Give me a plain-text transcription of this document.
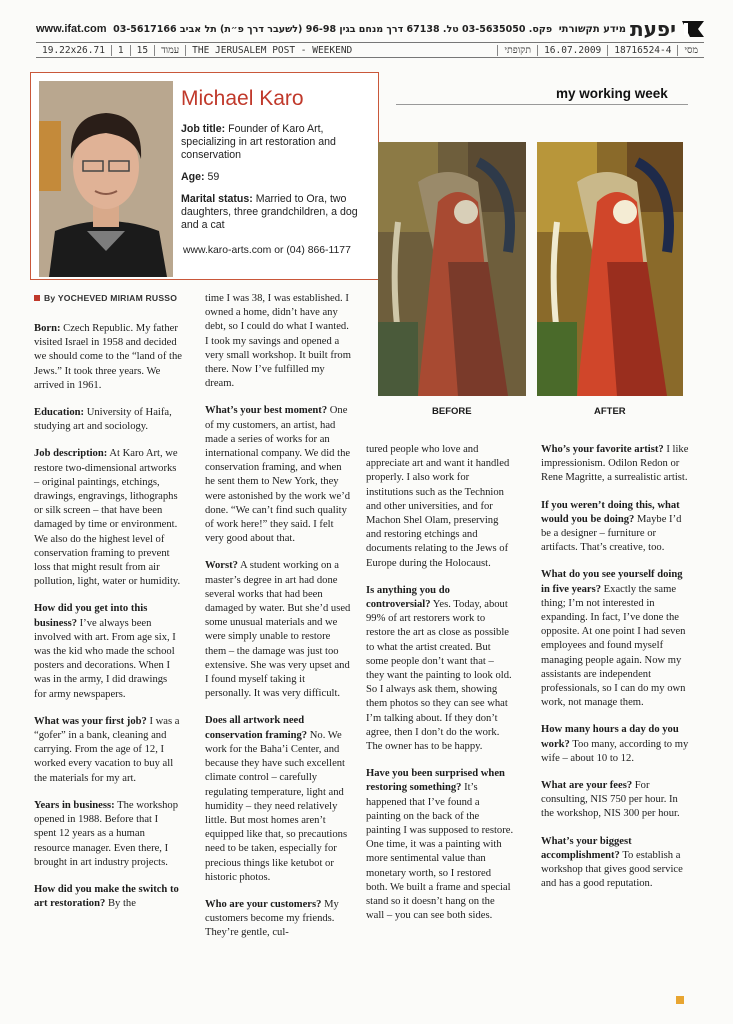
www.ifat.com 03-5617166 פקס. 03-5635050 טל. 67138 דרך מנחם בגין 96-98 (לשעבר דרך פ״ת) תל אביב מידע תקשורתי יפעת
19.22x26.71	1	15	עמוד	THE JERUSALEM POST - WEEKEND	תקופתי	16.07.2009	18716524-4	מסי
Michael Karo

Job title: Founder of Karo Art, specializing in art restoration and conservation

Age: 59

Marital status: Married to Ora, two daughters, three grandchildren, a dog and a cat

www.karo-arts.com or (04) 866-1177
my working week
BEFORE	AFTER
By YOCHEVED MIRIAM RUSSO

Born: Czech Republic. My father visited Israel in 1958 and decided we should come to the “land of the Jews.” It took three years. We arrived in 1961.

Education: University of Haifa, studying art and sociology.

Job description: At Karo Art, we restore two-dimensional artworks – original paintings, etchings, drawings, engravings, lithographs or silk screen – that have been damaged by time or environment. We also do the highest level of conservation framing to prevent loss that might result from air pollution, light, water or humidity.

How did you get into this business? I’ve always been involved with art. From age six, I was the kid who made the school posters and decorations. When I was in the army, I did drawings for army newspapers.

What was your first job? I was a “gofer” in a bank, cleaning and carrying. From the age of 12, I worked every vacation to buy all the materials for my art.

Years in business: The workshop opened in 1988. Before that I spent 12 years as a human resource manager. Even there, I brought in art industry projects.

How did you make the switch to art restoration? By the

time I was 38, I was established. I owned a home, didn’t have any debt, so I could do what I wanted. I took my savings and opened a very small workshop. It built from there. Now I’ve fulfilled my dream.

What’s your best moment? One of my customers, an artist, had made a series of works for an international company. We did the conservation framing, and when he sent them to New York, they were astonished by the work we’d done. “We can’t find such quality of work here!” they said. I felt very good about that.

Worst? A student working on a master’s degree in art had done several works that had been damaged by water. But she’d used some unusual materials and we were simply unable to restore them – the damage was just too extensive. She was very upset and I found myself taking it personally. It was very difficult.

Does all artwork need conservation framing? No. We work for the Baha’i Center, and because they have such excellent climate control – carefully regulating temperature, light and humidity – they need relatively little. But most homes aren’t equipped like that, so precautions need to be taken, especially for precious things like ketubot or historic photos.

Who are your customers? My customers become my friends. They’re gentle, cul-

tured people who love and appreciate art and want it handled properly. I also work for institutions such as the Technion and other universities, and for Machon Shel Olam, preserving and restoring etchings and documents relating to the Jews of Europe during the Holocaust.

Is anything you do controversial? Yes. Today, about 99% of art restorers work to restore the art as close as possible to what the artist created. But some people don’t want that – they want the painting to look old. So I always ask them, showing them photos so they can see what I’m talking about. If they don’t agree, then I don’t do the work. The owner has to be happy.

Have you been surprised when restoring something? It’s happened that I’ve found a painting on the back of the painting I was supposed to restore. One time, it was a painting with more sentimental value than monetary worth, so I restored both. We built a frame and special stand so it doesn’t hang on the wall – you can see both sides.

Who’s your favorite artist? I like impressionism. Odilon Redon or Rene Magritte, a surrealistic artist.

If you weren’t doing this, what would you be doing? Maybe I’d be a designer – furniture or artifacts. That’s creative, too.

What do you see yourself doing in five years? Exactly the same thing; I’m not interested in expanding. In fact, I’ve done the opposite. At one point I had seven employees and found myself managing people again. Now my assistants are independent professionals, so I can do my own work, not manage them.

How many hours a day do you work? Too many, according to my wife – about 10 to 12.

What are your fees? For consulting, NIS 750 per hour. In the workshop, NIS 300 per hour.

What’s your biggest accomplishment? To establish a workshop that gives good service and has a good reputation.
